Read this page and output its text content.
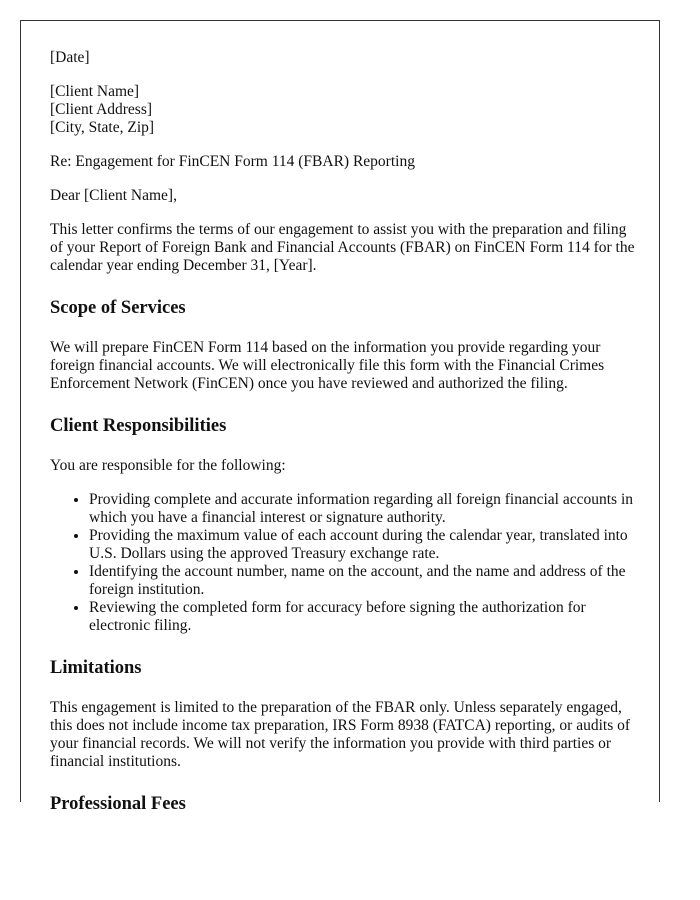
[Date]

[Client Name]
[Client Address]
[City, State, Zip]

Re: Engagement for FinCEN Form 114 (FBAR) Reporting

Dear [Client Name],

This letter confirms the terms of our engagement to assist you with the preparation and filing of your Report of Foreign Bank and Financial Accounts (FBAR) on FinCEN Form 114 for the calendar year ending December 31, [Year].

Scope of Services

We will prepare FinCEN Form 114 based on the information you provide regarding your foreign financial accounts. We will electronically file this form with the Financial Crimes Enforcement Network (FinCEN) once you have reviewed and authorized the filing.

Client Responsibilities

You are responsible for the following:

• Providing complete and accurate information regarding all foreign financial accounts in which you have a financial interest or signature authority.
• Providing the maximum value of each account during the calendar year, translated into U.S. Dollars using the approved Treasury exchange rate.
• Identifying the account number, name on the account, and the name and address of the foreign institution.
• Reviewing the completed form for accuracy before signing the authorization for electronic filing.
Limitations

This engagement is limited to the preparation of the FBAR only. Unless separately engaged, this does not include income tax preparation, IRS Form 8938 (FATCA) reporting, or audits of your financial records. We will not verify the information you provide with third parties or financial institutions.

Professional Fees
